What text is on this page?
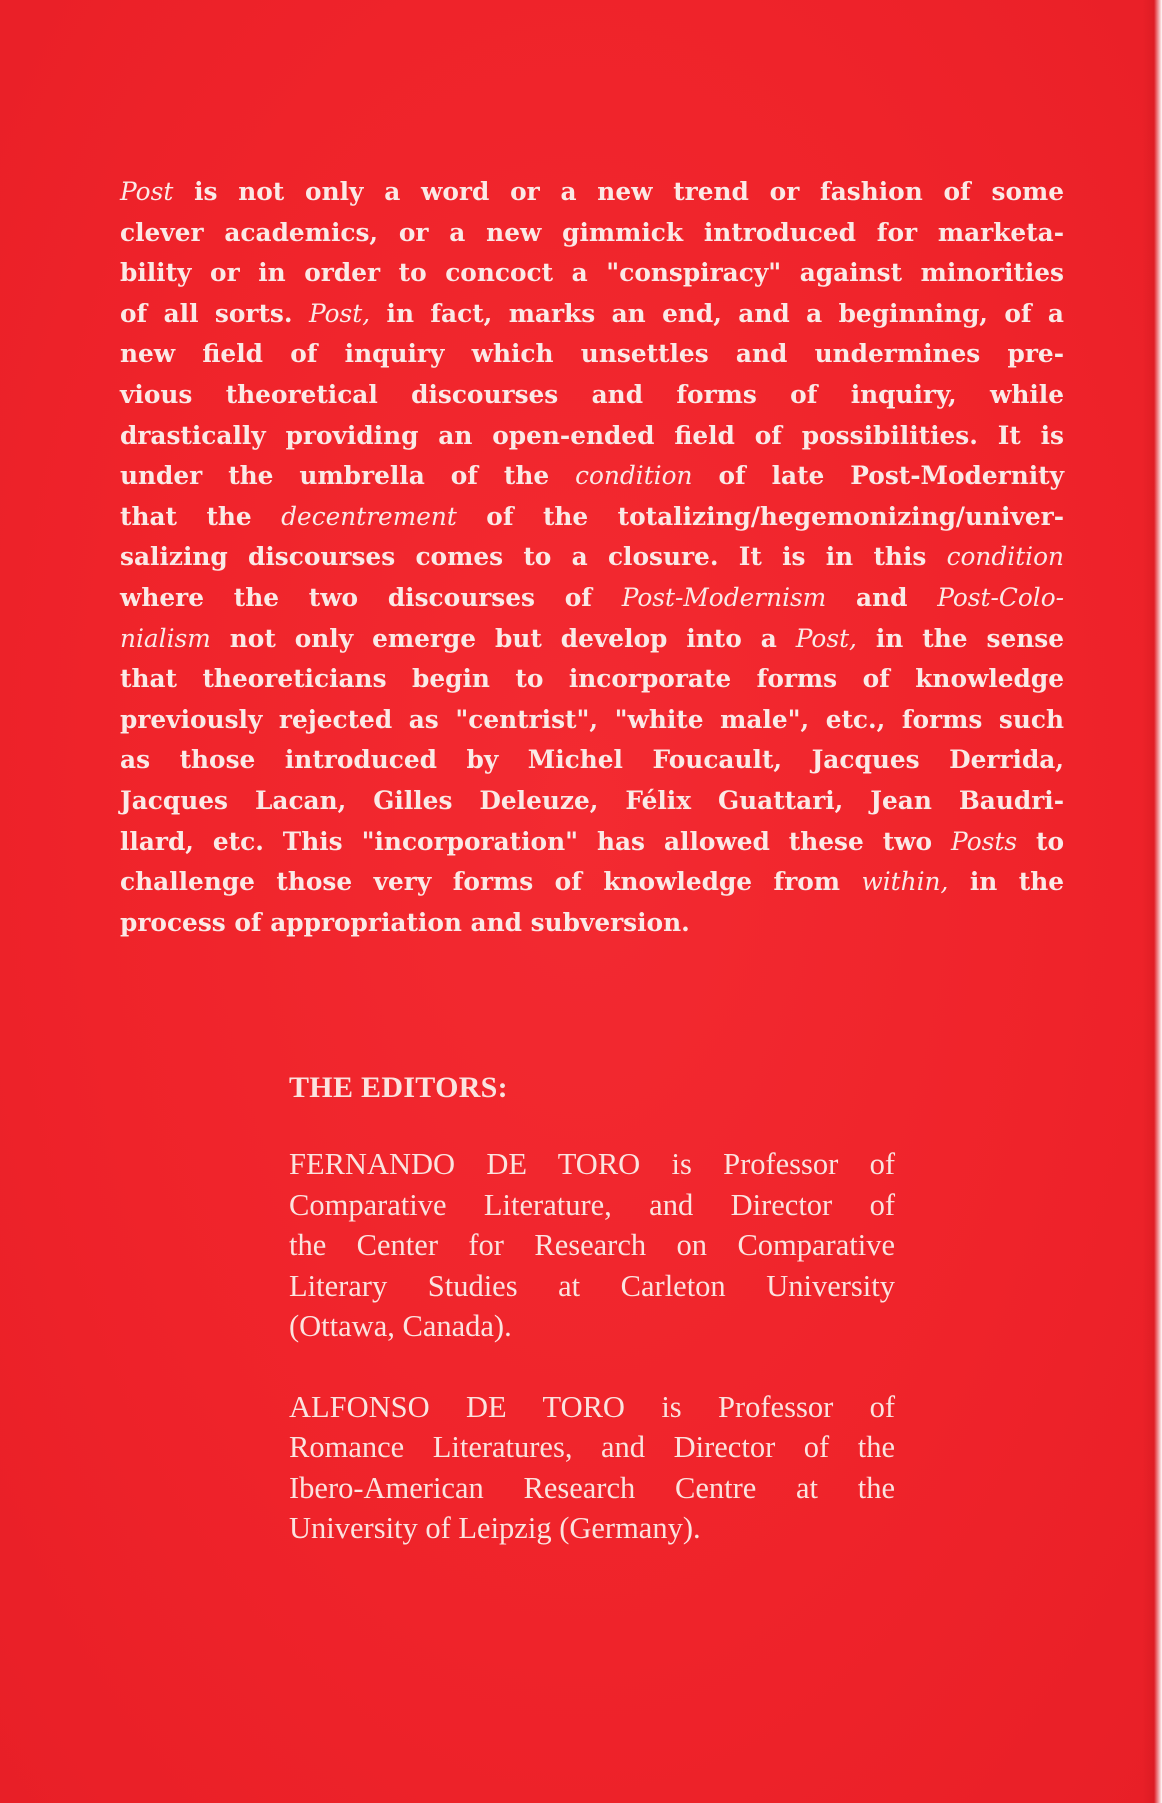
Post is not only a word or a new trend or fashion of some
clever academics, or a new gimmick introduced for marketa-
bility or in order to concoct a "conspiracy" against minorities
of all sorts. Post, in fact, marks an end, and a beginning, of a
new field of inquiry which unsettles and undermines pre-
vious theoretical discourses and forms of inquiry, while
drastically providing an open-ended field of possibilities. It is
under the umbrella of the condition of late Post-Modernity
that the decentrement of the totalizing/hegemonizing/univer-
salizing discourses comes to a closure. It is in this condition
where the two discourses of Post-Modernism and Post-Colo-
nialism not only emerge but develop into a Post, in the sense
that theoreticians begin to incorporate forms of knowledge
previously rejected as "centrist", "white male", etc., forms such
as those introduced by Michel Foucault, Jacques Derrida,
Jacques Lacan, Gilles Deleuze, Félix Guattari, Jean Baudri-
llard, etc. This "incorporation" has allowed these two Posts to
challenge those very forms of knowledge from within, in the
process of appropriation and subversion.
THE EDITORS:
FERNANDO DE TORO is Professor of
Comparative Literature, and Director of
the Center for Research on Comparative
Literary Studies at Carleton University
(Ottawa, Canada).
ALFONSO DE TORO is Professor of
Romance Literatures, and Director of the
Ibero-American Research Centre at the
University of Leipzig (Germany).
